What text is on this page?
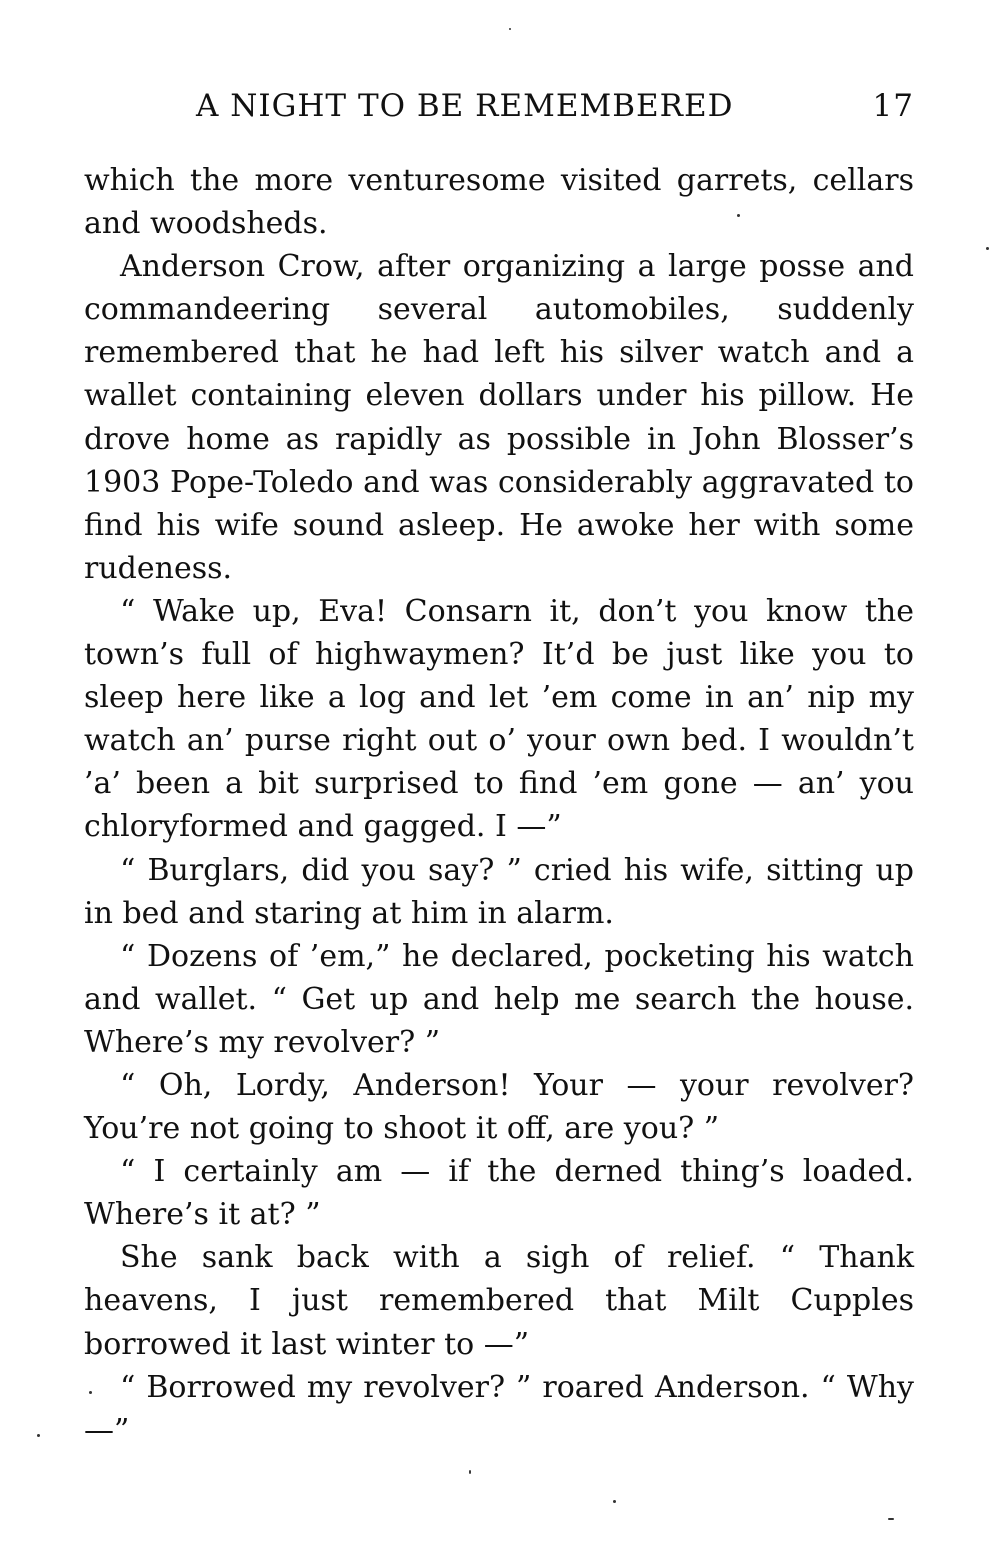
A NIGHT TO BE REMEMBERED	17

which the more venturesome visited garrets, cellars and woodsheds.

Anderson Crow, after organizing a large posse and commandeering several automobiles, suddenly remembered that he had left his silver watch and a wallet containing eleven dollars under his pillow. He drove home as rapidly as possible in John Blosser’s 1903 Pope-Toledo and was considerably aggravated to find his wife sound asleep. He awoke her with some rudeness.

“ Wake up, Eva! Consarn it, don’t you know the town’s full of highwaymen? It’d be just like you to sleep here like a log and let ’em come in an’ nip my watch an’ purse right out o’ your own bed. I wouldn’t ’a’ been a bit surprised to find ’em gone — an’ you chloryformed and gagged. I —”

“ Burglars, did you say? ” cried his wife, sitting up in bed and staring at him in alarm.

“ Dozens of ’em,” he declared, pocketing his watch and wallet. “ Get up and help me search the house. Where’s my revolver? ”

“ Oh, Lordy, Anderson! Your — your revolver? You’re not going to shoot it off, are you? ”

“ I certainly am — if the derned thing’s loaded. Where’s it at? ”

She sank back with a sigh of relief. “ Thank heavens, I just remembered that Milt Cupples borrowed it last winter to —”

“ Borrowed my revolver? ” roared Anderson. “ Why —”
